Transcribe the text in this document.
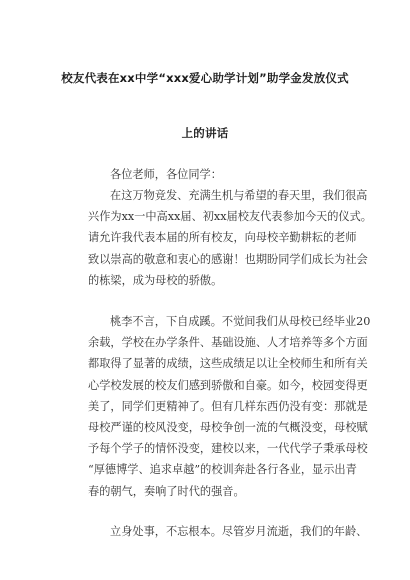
校友代表在xx中学“xxx爱心助学计划”助学金发放仪式
上的讲话
各位老师，各位同学：
在这万物竞发、充满生机与希望的春天里，我们很高
兴作为xx一中高xx届、初xx届校友代表参加今天的仪式。
请允许我代表本届的所有校友，向母校辛勤耕耘的老师
致以崇高的敬意和衷心的感谢！也期盼同学们成长为社会
的栋梁，成为母校的骄傲。
桃李不言，下自成蹊。不觉间我们从母校已经毕业20
余载，学校在办学条件、基础设施、人才培养等多个方面
都取得了显著的成绩，这些成绩足以让全校师生和所有关
心学校发展的校友们感到骄傲和自豪。如今，校园变得更
美了，同学们更精神了。但有几样东西仍没有变：那就是
母校严谨的校风没变，母校争创一流的气概没变，母校赋
予每个学子的情怀没变，建校以来，一代代学子秉承母校
“厚德博学、追求卓越”的校训奔赴各行各业，显示出青
春的朝气，奏响了时代的强音。
立身处事，不忘根本。尽管岁月流逝，我们的年龄、
